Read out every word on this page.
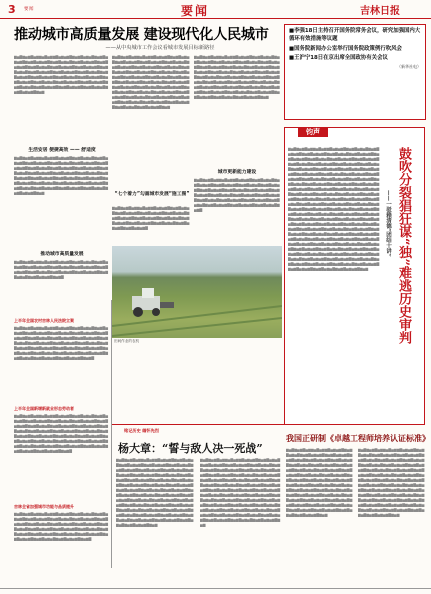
3 要闻	要闻	吉林日报
推动城市高质量发展 建设现代化人民城市
——从中央城市工作会议看城市发展目标新路径
▆▅▇▆▅▆▇▅▆▆▅▇▅▆▆▇▅▆▅▆▇▆▅▆▇▅▆▅▇▆▅▆▇▅▆▅▆▇▆▅▆▇▅▆▅▆▇▆▅▆▇▅▆▅▇▆▅▆▇▅▆▅▆▇▆▅▆▇▅▆▅▆▇▆▅▆▇▅▆▅▇▆▅▆▇▅▆▅▆▇▆▅▆▇▅▆▅▆▇▆▅▆▇▅▆▅▇▆▅▆▇▅▆▅▆▇▆▅▆▇▅▆▅▆▇▆▅▆▇▅▆▅▇▆▅▆▇▅▆▅▆▇▆▅▆▇▅▆▅▆▇▆▅▆▇▅▆▅▇▆▅▆▇▅▆▅▆▇▆▅▆▇▅▆▅▆▇▆▅▆▇▅▆▅▇▆▅▆▇▅▆▅▆▇▆▅▆▇▅▆▅▆▇▆▅▆▇▅▆▅▇▆▅▆▇▅▆▅▆▇▆▅▆▇▅▆▅▆▇▆▅▆▇▅▆▅▇▆▅▆▇▅▆▅▆▇▆▅▆
生活安居 便捷高效 —— 舒适度
▆▅▇▆▅▆▇▅▆▆▅▇▅▆▆▇▅▆▅▆▇▆▅▆▇▅▆▅▇▆▅▆▇▅▆▅▆▇▆▅▆▇▅▆▅▆▇▆▅▆▇▅▆▅▇▆▅▆▇▅▆▅▆▇▆▅▆▇▅▆▅▆▇▆▅▆▇▅▆▅▇▆▅▆▇▅▆▅▆▇▆▅▆▇▅▆▅▆▇▆▅▆▇▅▆▅▇▆▅▆▇▅▆▅▆▇▆▅▆▇▅▆▅▆▇▆▅▆▇▅▆▅▇▆▅▆▇▅▆▅▆▇▆▅▆▇▅▆▅▆▇▆▅▆▇▅▆▅▇▆▅▆▇▅▆▅▆▇▆▅▆▇▅▆▅▆▇▆▅▆▇▅▆▅▇▆▅▆▇▅▆▅▆▇▆▅▆▇▅▆▅▆▇▆▅▆▇▅▆▅▇▆▅▆▇▅▆▅▆▇▆▅▆▇▅▆▅▆▇▆▅▆▇▅▆▅▇▆▅▆▇▅▆▅▆▇▆▅▆
▆▅▇▆▅▆▇▅▆▆▅▇▅▆▆▇▅▆▅▆▇▆▅▆▇▅▆▅▇▆▅▆▇▅▆▅▆▇▆▅▆▇▅▆▅▆▇▆▅▆▇▅▆▅▇▆▅▆▇▅▆▅▆▇▆▅▆▇▅▆▅▆▇▆▅▆▇▅▆▅▇▆▅▆▇▅▆▅▆▇▆▅▆▇▅▆▅▆▇▆▅▆▇▅▆▅▇▆▅▆▇▅▆▅▆▇▆▅▆▇▅▆▅▆▇▆▅▆▇▅▆▅▇▆▅▆▇▅▆▅▆▇▆▅▆▇▅▆▅▆▇▆▅▆▇▅▆▅▇▆▅▆▇▅▆▅▆▇▆▅▆▇▅▆▅▆▇▆▅▆▇▅▆▅▇▆▅▆▇▅▆▅▆▇▆▅▆▇▅▆▅▆▇▆▅▆▇▅▆▅▇▆▅▆▇▅▆▅▆▇▆▅▆▇▅▆▅▆▇▆▅▆▇▅▆▅▇▆▅▆▇▅▆▅▆▇▆▅▆▇▅▆▅▆▇▆▅▆▇▅▆▅▇▆▅▆▇▅▆▅▆▇▆▅▆▇▅▆▅▆▇▆▅▆▇▅▆▅▇▆▅▆▇▅▆▅▆▇▆▅▆
“七个着力”勾画城市发展“施工图”
▆▅▇▆▅▆▇▅▆▆▅▇▅▆▆▇▅▆▅▆▇▆▅▆▇▅▆▅▇▆▅▆▇▅▆▅▆▇▆▅▆▇▅▆▅▆▇▆▅▆▇▅▆▅▇▆▅▆▇▅▆▅▆▇▆▅▆▇▅▆▅▆▇▆▅▆▇▅▆▅▇▆▅▆▇▅▆▅▆▇▆▅▆▇▅▆▅▆▇▆▅▆▇▅▆▅▇▆▅▆▇▅▆▅▆▇▆▅▆▇▅▆▅▆▇
▆▅▇▆▅▆▇▅▆▆▅▇▅▆▆▇▅▆▅▆▇▆▅▆▇▅▆▅▇▆▅▆▇▅▆▅▆▇▆▅▆▇▅▆▅▆▇▆▅▆▇▅▆▅▇▆▅▆▇▅▆▅▆▇▆▅▆▇▅▆▅▆▇▆▅▆▇▅▆▅▇▆▅▆▇▅▆▅▆▇▆▅▆▇▅▆▅▆▇▆▅▆▇▅▆▅▇▆▅▆▇▅▆▅▆▇▆▅▆▇▅▆▅▆▇▆▅▆▇▅▆▅▇▆▅▆▇▅▆▅▆▇▆▅▆▇▅▆▅▆▇▆▅▆▇▅▆▅▇▆▅▆▇▅▆▅▆▇▆▅▆▇▅▆▅▆▇▆▅▆▇▅▆▅▇▆▅▆▇▅▆▅▆▇▆▅▆▇▅▆▅▆▇▆▅▆▇▅▆▅▇▆▅▆▇▅▆▅▆▇▆▅▆▇▅▆▅▆▇▆▅▆▇▅▆▅▇▆▅▆▇▅▆▅▆▇▆▅▆▇▅▆▅▆▇▆▅▆▇▅▆▅▇▆▅▆▇▅▆▅▆▇▆▅▆
城市更新能力建设
▆▅▇▆▅▆▇▅▆▆▅▇▅▆▆▇▅▆▅▆▇▆▅▆▇▅▆▅▇▆▅▆▇▅▆▅▆▇▆▅▆▇▅▆▅▆▇▆▅▆▇▅▆▅▇▆▅▆▇▅▆▅▆▇▆▅▆▇▅▆▅▆▇▆▅▆▇▅▆▅▇▆▅▆▇▅▆▅▆▇▆▅▆▇▅▆▅▆▇▆▅▆▇▅▆▅▇▆▅▆▇▅▆▅▆▇▆▅▆▇▅▆▅▆▇▆▅▆▇▅▆▅▇▆▅▆▇▅▆▅▆▇▆▅▆▇▅▆▅▆▇▆▅▆▇▅▆▅▇▆▅▆▇▅▆▅▆▇▆▅▆▇▅▆▅▆▇▆▅▆▇▅▆▅▇▆▅▆▇
推动城市高质量发展
▆▅▇▆▅▆▇▅▆▆▅▇▅▆▆▇▅▆▅▆▇▆▅▆▇▅▆▅▇▆▅▆▇▅▆▅▆▇▆▅▆▇▅▆▅▆▇▆▅▆▇▅▆▅▇▆▅▆▇▅▆▅▆▇▆▅▆▇▅▆▅▆▇▆▅▆▇▅▆▅▇▆▅▆▇▅▆▅▆▇▆▅▆▇▅▆▅▆▇▆▅▆▇▅▆▅▇▆▅▆▇▅▆▅▆▇▆▅▆▇
田间作业的农机
上半年全国农村吉林人民法院立案
▆▅▇▆▅▆▇▅▆▆▅▇▅▆▆▇▅▆▅▆▇▆▅▆▇▅▆▅▇▆▅▆▇▅▆▅▆▇▆▅▆▇▅▆▅▆▇▆▅▆▇▅▆▅▇▆▅▆▇▅▆▅▆▇▆▅▆▇▅▆▅▆▇▆▅▆▇▅▆▅▇▆▅▆▇▅▆▅▆▇▆▅▆▇▅▆▅▆▇▆▅▆▇▅▆▅▇▆▅▆▇▅▆▅▆▇▆▅▆▇▅▆▅▆▇▆▅▆▇▅▆▅▇▆▅▆▇▅▆▅▆▇▆▅▆▇▅▆▅▆▇▆▅▆▇▅▆▅▇▆▅▆▇▅▆▅▆▇▆▅▆▇▅▆▅▆▇▆▅▆▇▅▆▅▇▆▅▆▇▅▆▅▆▇▆▅▆▇▅▆▅▆▇▆▅▆▇▅▆▅▇▆▅▆▇▅▆▅▆▇▆▅▆▇▅▆▅▆▇▆▅▆▇
上半年全国新增新就业形态劳动者
▆▅▇▆▅▆▇▅▆▆▅▇▅▆▆▇▅▆▅▆▇▆▅▆▇▅▆▅▇▆▅▆▇▅▆▅▆▇▆▅▆▇▅▆▅▆▇▆▅▆▇▅▆▅▇▆▅▆▇▅▆▅▆▇▆▅▆▇▅▆▅▆▇▆▅▆▇▅▆▅▇▆▅▆▇▅▆▅▆▇▆▅▆▇▅▆▅▆▇▆▅▆▇▅▆▅▇▆▅▆▇▅▆▅▆▇▆▅▆▇▅▆▅▆▇▆▅▆▇▅▆▅▇▆▅▆▇▅▆▅▆▇▆▅▆▇▅▆▅▆▇▆▅▆▇▅▆▅▇▆▅▆▇▅▆▅▆▇▆▅▆▇▅▆▅▆▇▆▅▆▇▅▆▅▇▆▅▆▇▅▆▅▆▇▆▅▆▇▅▆▅▆▇▆▅▆▇▅▆▅▇▆▅▆▇▅▆▅▆▇▆▅▆▇▅▆▅▆▇▆▅▆▇▅▆▅▇▆▅▆▇▅▆▅▆▇▆▅▆▇▅▆▅▆▇▆▅▆▇
吉林全省加强城市功能与品质提升
▆▅▇▆▅▆▇▅▆▆▅▇▅▆▆▇▅▆▅▆▇▆▅▆▇▅▆▅▇▆▅▆▇▅▆▅▆▇▆▅▆▇▅▆▅▆▇▆▅▆▇▅▆▅▇▆▅▆▇▅▆▅▆▇▆▅▆▇▅▆▅▆▇▆▅▆▇▅▆▅▇▆▅▆▇▅▆▅▆▇▆▅▆▇▅▆▅▆▇▆▅▆▇▅▆▅▇▆▅▆▇▅▆▅▆▇▆▅▆▇▅▆▅▆▇▆▅▆▇▅▆▅▇▆▅▆▇▅▆▅▆▇▆▅▆▇▅▆▅▆▇▆▅▆▇▅▆▅▇▆▅▆▇▅▆▅▆▇▆▅▆▇▅▆▅▆▇▆▅▆▇▅▆▅▇▆▅▆▇▅▆▅▆▇▆▅▆▇
■李强18日主持召开国务院常务会议，研究加强国内大循环有效措施等议题
■国务院新闻办公室举行国务院政策例行吹风会
■王沪宁18日在京出席全国政协有关会议
（新华社电）
钧声
鼓吹分裂猖狂谋“独”难逃历史审判
——一驳赖清德“团结十讲”
▆▅▇▆▅▆▇▅▆▆▅▇▅▆▆▇▅▆▅▆▇▆▅▆▇▅▆▅▇▆▅▆▇▅▆▅▆▇▆▅▆▇▅▆▅▆▇▆▅▆▇▅▆▅▇▆▅▆▇▅▆▅▆▇▆▅▆▇▅▆▅▆▇▆▅▆▇▅▆▅▇▆▅▆▇▅▆▅▆▇▆▅▆▇▅▆▅▆▇▆▅▆▇▅▆▅▇▆▅▆▇▅▆▅▆▇▆▅▆▇▅▆▅▆▇▆▅▆▇▅▆▅▇▆▅▆▇▅▆▅▆▇▆▅▆▇▅▆▅▆▇▆▅▆▇▅▆▅▇▆▅▆▇▅▆▅▆▇▆▅▆▇▅▆▅▆▇▆▅▆▇▅▆▅▇▆▅▆▇▅▆▅▆▇▆▅▆▇▅▆▅▆▇▆▅▆▇▅▆▅▇▆▅▆▇▅▆▅▆▇▆▅▆▇▅▆▅▆▇▆▅▆▇▅▆▅▇▆▅▆▇▅▆▅▆▇▆▅▆▇▅▆▅▆▇▆▅▆▇▅▆▅▇▆▅▆▇▅▆▅▆▇▆▅▆▇▅▆▅▆▇▆▅▆▇▅▆▅▇▆▅▆▇▅▆▅▆▇▆▅▆▇▅▆▅▆▇▆▅▆▇▅▆▅▇▆▅▆▇▅▆▅▆▇▆▅▆▇▅▆▅▆▇▆▅▆▇▅▆▅▇▆▅▆▇▅▆▅▆▇▆▅▆▇▅▆▅▆▇▆▅▆▇▅▆▅▇▆▅▆▇▅▆▅▆▇▆▅▆▇▅▆▅▆▇▆▅▆▇▅▆▅▇▆▅▆▇▅▆▅▆▇▆▅▆▇▅▆▅▆▇▆▅▆▇▅▆▅▇▆▅▆▇▅▆▅▆▇▆▅▆▇▅▆▅▆▇▆▅▆▇▅▆▅▇▆▅▆▇▅▆▅▆▇▆▅▆▇▅▆▅▆▇▆▅▆▇▅▆▅▇▆▅▆▇▅▆▅▆▇▆▅▆▇▅▆▅▆▇▆▅▆▇▅▆▅▇▆▅▆▇▅▆▅▆▇▆▅▆▇▅▆▅▆▇▆▅▆▇▅▆▅▇▆▅▆▇▅▆▅▆▇▆▅▆▇▅▆▅▆▇▆▅▆▇▅▆▅▇▆▅▆▇▅▆▅▆▇▆▅▆▇▅▆▅▆▇▆▅▆▇▅▆▅▇▆▅▆▇▅▆▅▆▇▆▅▆▇▅▆▅▆▇▆▅▆▇▅▆▅▇▆▅▆▇▅▆▅▆▇▆▅▆▇▅▆▅▆▇▆▅▆▇▅▆▅▇▆▅▆▇▅▆▅▆▇▆▅▆▇▅▆▅▆▇▆▅▆▇▅▆▅▇▆▅▆▇▅▆▅▆▇▆▅▆▇▅▆▅▆▇▆▅▆▇▅▆▅▇▆▅▆▇▅▆▅▆▇▆▅▆▇▅▆▅▆▇▆▅▆▇▅▆▅▇▆▅▆▇▅▆▅▆▇▆▅▆▇▅▆▅▆▇▆▅▆▇▅▆▅▇▆▅▆▇▅▆▅▆▇▆▅▆▇▅▆▅▆▇▆▅▆▇▅▆▅▇▆▅▆▇▅▆▅▆▇▆▅▆▇▅▆▅▆▇▆▅▆▇▅▆▅▇▆▅▆▇▅▆▅▆▇▆▅▆▇▅▆▅▆▇▆▅▆▇▅▆▅▇▆▅▆▇▅▆▅▆▇▆▅▆
铭记历史 缅怀先烈
杨大章：“誓与敌人决一死战”
▆▅▇▆▅▆▇▅▆▆▅▇▅▆▆▇▅▆▅▆▇▆▅▆▇▅▆▅▇▆▅▆▇▅▆▅▆▇▆▅▆▇▅▆▅▆▇▆▅▆▇▅▆▅▇▆▅▆▇▅▆▅▆▇▆▅▆▇▅▆▅▆▇▆▅▆▇▅▆▅▇▆▅▆▇▅▆▅▆▇▆▅▆▇▅▆▅▆▇▆▅▆▇▅▆▅▇▆▅▆▇▅▆▅▆▇▆▅▆▇▅▆▅▆▇▆▅▆▇▅▆▅▇▆▅▆▇▅▆▅▆▇▆▅▆▇▅▆▅▆▇▆▅▆▇▅▆▅▇▆▅▆▇▅▆▅▆▇▆▅▆▇▅▆▅▆▇▆▅▆▇▅▆▅▇▆▅▆▇▅▆▅▆▇▆▅▆▇▅▆▅▆▇▆▅▆▇▅▆▅▇▆▅▆▇▅▆▅▆▇▆▅▆▇▅▆▅▆▇▆▅▆▇▅▆▅▇▆▅▆▇▅▆▅▆▇▆▅▆▇▅▆▅▆▇▆▅▆▇▅▆▅▇▆▅▆▇▅▆▅▆▇▆▅▆▇▅▆▅▆▇▆▅▆▇▅▆▅▇▆▅▆▇▅▆▅▆▇▆▅▆▇▅▆▅▆▇▆▅▆▇▅▆▅▇▆▅▆▇▅▆▅▆▇▆▅▆▇▅▆▅▆▇▆▅▆▇▅▆▅▇▆▅▆▇▅▆▅▆▇▆▅▆▇▅▆▅▆▇▆▅▆▇▅▆▅▇▆▅▆▇▅▆▅▆▇▆▅▆
▆▅▇▆▅▆▇▅▆▆▅▇▅▆▆▇▅▆▅▆▇▆▅▆▇▅▆▅▇▆▅▆▇▅▆▅▆▇▆▅▆▇▅▆▅▆▇▆▅▆▇▅▆▅▇▆▅▆▇▅▆▅▆▇▆▅▆▇▅▆▅▆▇▆▅▆▇▅▆▅▇▆▅▆▇▅▆▅▆▇▆▅▆▇▅▆▅▆▇▆▅▆▇▅▆▅▇▆▅▆▇▅▆▅▆▇▆▅▆▇▅▆▅▆▇▆▅▆▇▅▆▅▇▆▅▆▇▅▆▅▆▇▆▅▆▇▅▆▅▆▇▆▅▆▇▅▆▅▇▆▅▆▇▅▆▅▆▇▆▅▆▇▅▆▅▆▇▆▅▆▇▅▆▅▇▆▅▆▇▅▆▅▆▇▆▅▆▇▅▆▅▆▇▆▅▆▇▅▆▅▇▆▅▆▇▅▆▅▆▇▆▅▆▇▅▆▅▆▇▆▅▆▇▅▆▅▇▆▅▆▇▅▆▅▆▇▆▅▆▇▅▆▅▆▇▆▅▆▇▅▆▅▇▆▅▆▇▅▆▅▆▇▆▅▆▇▅▆▅▆▇▆▅▆▇▅▆▅▇▆▅▆▇▅▆▅▆▇▆▅▆▇▅▆▅▆▇▆▅▆▇▅▆▅▇▆▅▆▇▅▆▅▆▇▆▅▆▇▅▆▅▆▇▆▅▆▇▅▆▅▇▆▅▆▇▅▆▅▆▇▆▅▆▇▅▆▅▆▇▆▅▆▇▅▆▅▇▆▅▆▇▅▆▅▆▇▆▅▆
我国正研制《卓越工程师培养认证标准》
▆▅▇▆▅▆▇▅▆▆▅▇▅▆▆▇▅▆▅▆▇▆▅▆▇▅▆▅▇▆▅▆▇▅▆▅▆▇▆▅▆▇▅▆▅▆▇▆▅▆▇▅▆▅▇▆▅▆▇▅▆▅▆▇▆▅▆▇▅▆▅▆▇▆▅▆▇▅▆▅▇▆▅▆▇▅▆▅▆▇▆▅▆▇▅▆▅▆▇▆▅▆▇▅▆▅▇▆▅▆▇▅▆▅▆▇▆▅▆▇▅▆▅▆▇▆▅▆▇▅▆▅▇▆▅▆▇▅▆▅▆▇▆▅▆▇▅▆▅▆▇▆▅▆▇▅▆▅▇▆▅▆▇▅▆▅▆▇▆▅▆▇▅▆▅▆▇▆▅▆▇▅▆▅▇▆▅▆▇▅▆▅▆▇▆▅▆▇▅▆▅▆▇▆▅▆▇▅▆▅▇▆▅▆▇▅▆▅▆▇▆▅▆▇▅▆▅▆▇▆▅▆▇▅▆▅▇▆▅▆▇▅▆▅▆▇▆▅▆▇▅▆▅▆▇▆▅▆▇▅▆▅▇▆▅▆▇▅▆▅▆▇▆▅▆▇▅▆▅▆▇▆▅▆▇▅▆▅▇▆▅▆▇▅▆▅▆▇▆▅▆▇▅▆▅▆▇▆▅▆▇▅▆▅▇▆▅▆▇▅▆▅▆▇▆▅▆
▆▅▇▆▅▆▇▅▆▆▅▇▅▆▆▇▅▆▅▆▇▆▅▆▇▅▆▅▇▆▅▆▇▅▆▅▆▇▆▅▆▇▅▆▅▆▇▆▅▆▇▅▆▅▇▆▅▆▇▅▆▅▆▇▆▅▆▇▅▆▅▆▇▆▅▆▇▅▆▅▇▆▅▆▇▅▆▅▆▇▆▅▆▇▅▆▅▆▇▆▅▆▇▅▆▅▇▆▅▆▇▅▆▅▆▇▆▅▆▇▅▆▅▆▇▆▅▆▇▅▆▅▇▆▅▆▇▅▆▅▆▇▆▅▆▇▅▆▅▆▇▆▅▆▇▅▆▅▇▆▅▆▇▅▆▅▆▇▆▅▆▇▅▆▅▆▇▆▅▆▇▅▆▅▇▆▅▆▇▅▆▅▆▇▆▅▆▇▅▆▅▆▇▆▅▆▇▅▆▅▇▆▅▆▇▅▆▅▆▇▆▅▆▇▅▆▅▆▇▆▅▆▇▅▆▅▇▆▅▆▇▅▆▅▆▇▆▅▆▇▅▆▅▆▇▆▅▆▇▅▆▅▇▆▅▆▇▅▆▅▆▇▆▅▆▇▅▆▅▆▇▆▅▆▇▅▆▅▇▆▅▆▇▅▆▅▆▇▆▅▆▇▅▆▅▆▇▆▅▆▇▅▆▅▇▆▅▆▇▅▆▅▆▇▆▅▆
